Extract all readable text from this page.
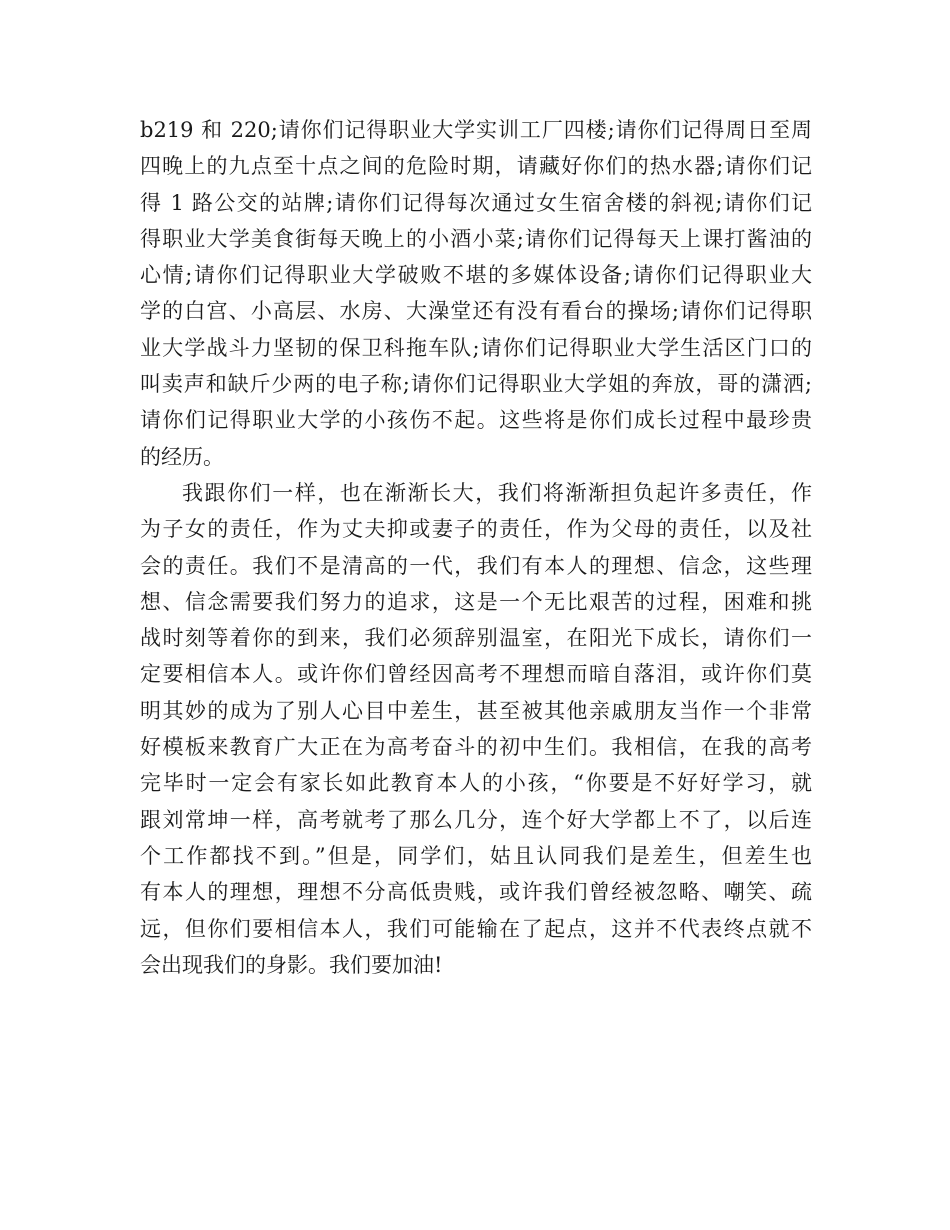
b219 和 220;请你们记得职业大学实训工厂四楼;请你们记得周日至周
四晚上的九点至十点之间的危险时期，请藏好你们的热水器;请你们记
得 1 路公交的站牌;请你们记得每次通过女生宿舍楼的斜视;请你们记
得职业大学美食街每天晚上的小酒小菜;请你们记得每天上课打酱油的
心情;请你们记得职业大学破败不堪的多媒体设备;请你们记得职业大
学的白宫、小高层、水房、大澡堂还有没有看台的操场;请你们记得职
业大学战斗力坚韧的保卫科拖车队;请你们记得职业大学生活区门口的
叫卖声和缺斤少两的电子称;请你们记得职业大学姐的奔放，哥的潇洒;
请你们记得职业大学的小孩伤不起。这些将是你们成长过程中最珍贵
的经历。
我跟你们一样，也在渐渐长大，我们将渐渐担负起许多责任，作
为子女的责任，作为丈夫抑或妻子的责任，作为父母的责任，以及社
会的责任。我们不是清高的一代，我们有本人的理想、信念，这些理
想、信念需要我们努力的追求，这是一个无比艰苦的过程，困难和挑
战时刻等着你的到来，我们必须辞别温室，在阳光下成长，请你们一
定要相信本人。或许你们曾经因高考不理想而暗自落泪，或许你们莫
明其妙的成为了别人心目中差生，甚至被其他亲戚朋友当作一个非常
好模板来教育广大正在为高考奋斗的初中生们。我相信，在我的高考
完毕时一定会有家长如此教育本人的小孩，“你要是不好好学习，就
跟刘常坤一样，高考就考了那么几分，连个好大学都上不了，以后连
个工作都找不到。”但是，同学们，姑且认同我们是差生，但差生也
有本人的理想，理想不分高低贵贱，或许我们曾经被忽略、嘲笑、疏
远，但你们要相信本人，我们可能输在了起点，这并不代表终点就不
会出现我们的身影。我们要加油!
